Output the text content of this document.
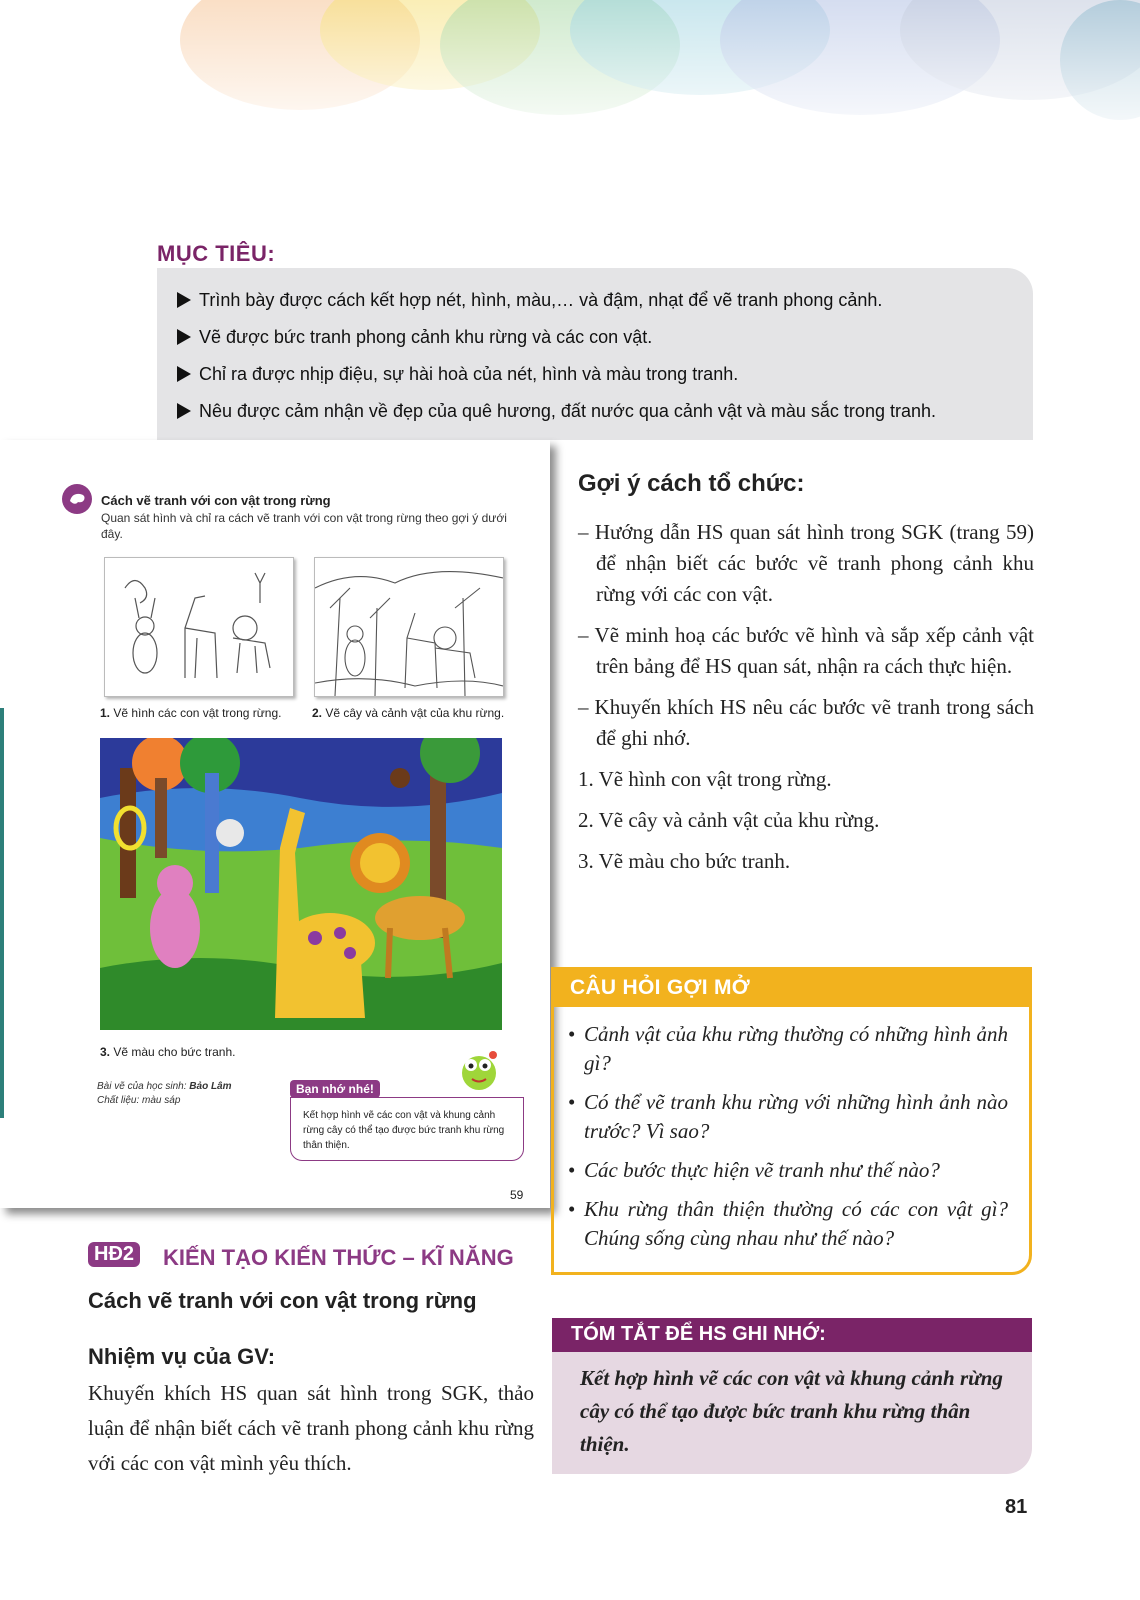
MỤC TIÊU:
Trình bày được cách kết hợp nét, hình, màu,… và đậm, nhạt để vẽ tranh phong cảnh.
Vẽ được bức tranh phong cảnh khu rừng và các con vật.
Chỉ ra được nhịp điệu, sự hài hoà của nét, hình và màu trong tranh.
Nêu được cảm nhận về đẹp của quê hương, đất nước qua cảnh vật và màu sắc trong tranh.
Cách vẽ tranh với con vật trong rừng
Quan sát hình và chỉ ra cách vẽ tranh với con vật trong rừng theo gợi ý dưới đây.
1. Vẽ hình các con vật trong rừng.	2. Vẽ cây và cảnh vật của khu rừng.
3. Vẽ màu cho bức tranh.
Bài vẽ của học sinh: Bảo Lâm
Chất liệu: màu sáp
Bạn nhớ nhé!
Kết hợp hình vẽ các con vật và khung cảnh rừng cây có thể tạo được bức tranh khu rừng thân thiện.
59
Gợi ý cách tổ chức:

– Hướng dẫn HS quan sát hình trong SGK (trang 59) để nhận biết các bước vẽ tranh phong cảnh khu rừng với các con vật.

– Vẽ minh hoạ các bước vẽ hình và sắp xếp cảnh vật trên bảng để HS quan sát, nhận ra cách thực hiện.

– Khuyến khích HS nêu các bước vẽ tranh trong sách để ghi nhớ.

1. Vẽ hình con vật trong rừng.

2. Vẽ cây và cảnh vật của khu rừng.

3. Vẽ màu cho bức tranh.

CÂU HỎI GỢI MỞ

• Cảnh vật của khu rừng thường có những hình ảnh gì?

• Có thể vẽ tranh khu rừng với những hình ảnh nào trước? Vì sao?

• Các bước thực hiện vẽ tranh như thế nào?

• Khu rừng thân thiện thường có các con vật gì? Chúng sống cùng nhau như thế nào?

TÓM TẮT ĐỂ HS GHI NHỚ:
Kết hợp hình vẽ các con vật và khung cảnh rừng cây có thể tạo được bức tranh khu rừng thân thiện.
HĐ2 KIẾN TẠO KIẾN THỨC – KĨ NĂNG
Cách vẽ tranh với con vật trong rừng
Nhiệm vụ của GV:
Khuyến khích HS quan sát hình trong SGK, thảo luận để nhận biết cách vẽ tranh phong cảnh khu rừng với các con vật mình yêu thích.
81
